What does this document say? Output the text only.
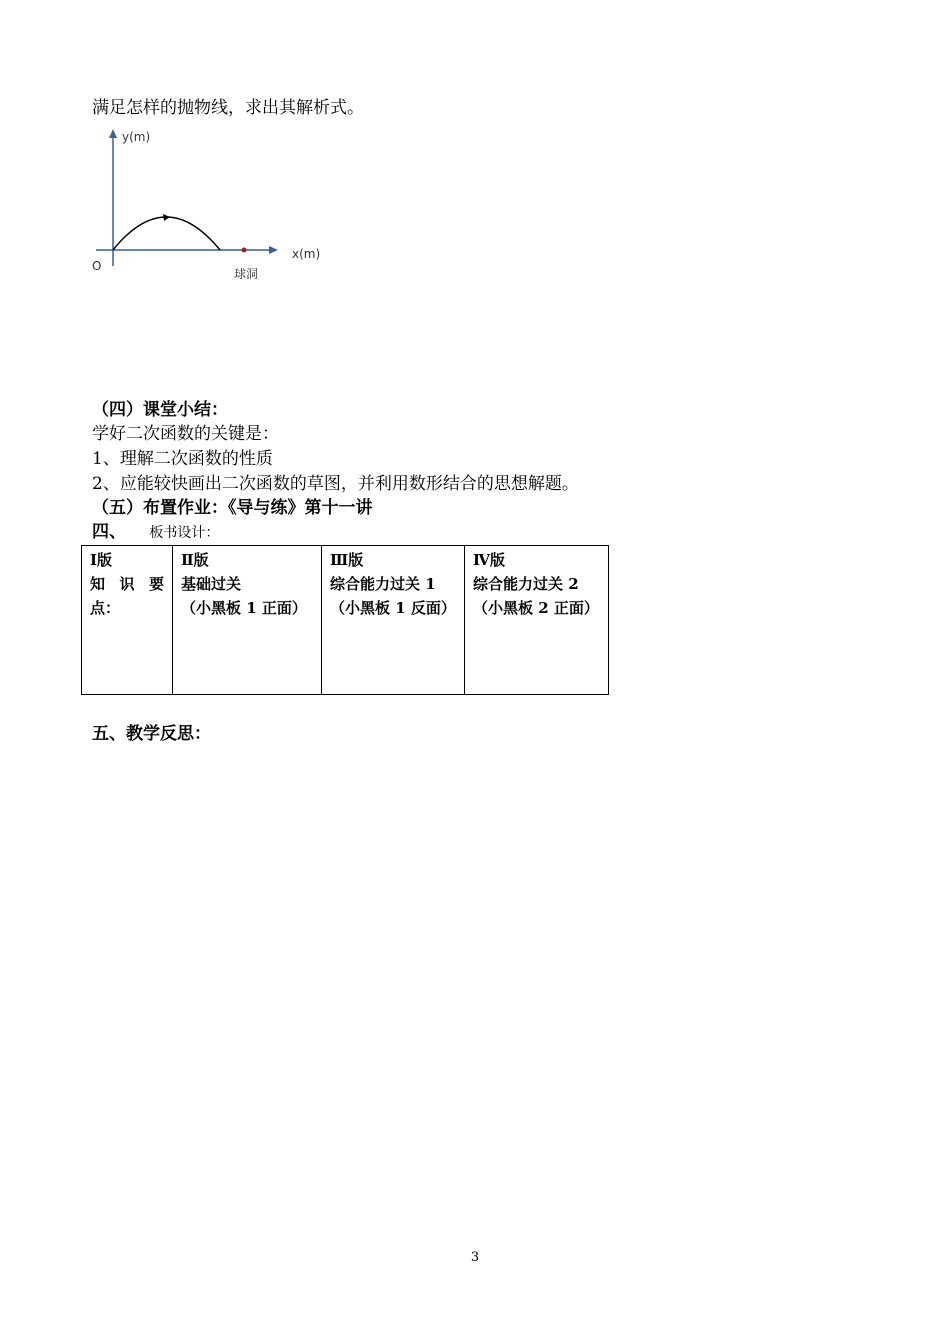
满足怎样的抛物线，求出其解析式。
y(m)
x(m)
O
球洞
（四）课堂小结：
学好二次函数的关键是：
1、理解二次函数的性质
2、应能较快画出二次函数的草图，并利用数形结合的思想解题。
（五）布置作业：《导与练》第十一讲
四、 板书设计：
Ⅰ版
知 识 要
点：

Ⅱ版
基础过关
（小黑板 1 正面）

Ⅲ版
综合能力过关 1
（小黑板 1 反面）

Ⅳ版
综合能力过关 2
（小黑板 2 正面）
五、教学反思：
3
